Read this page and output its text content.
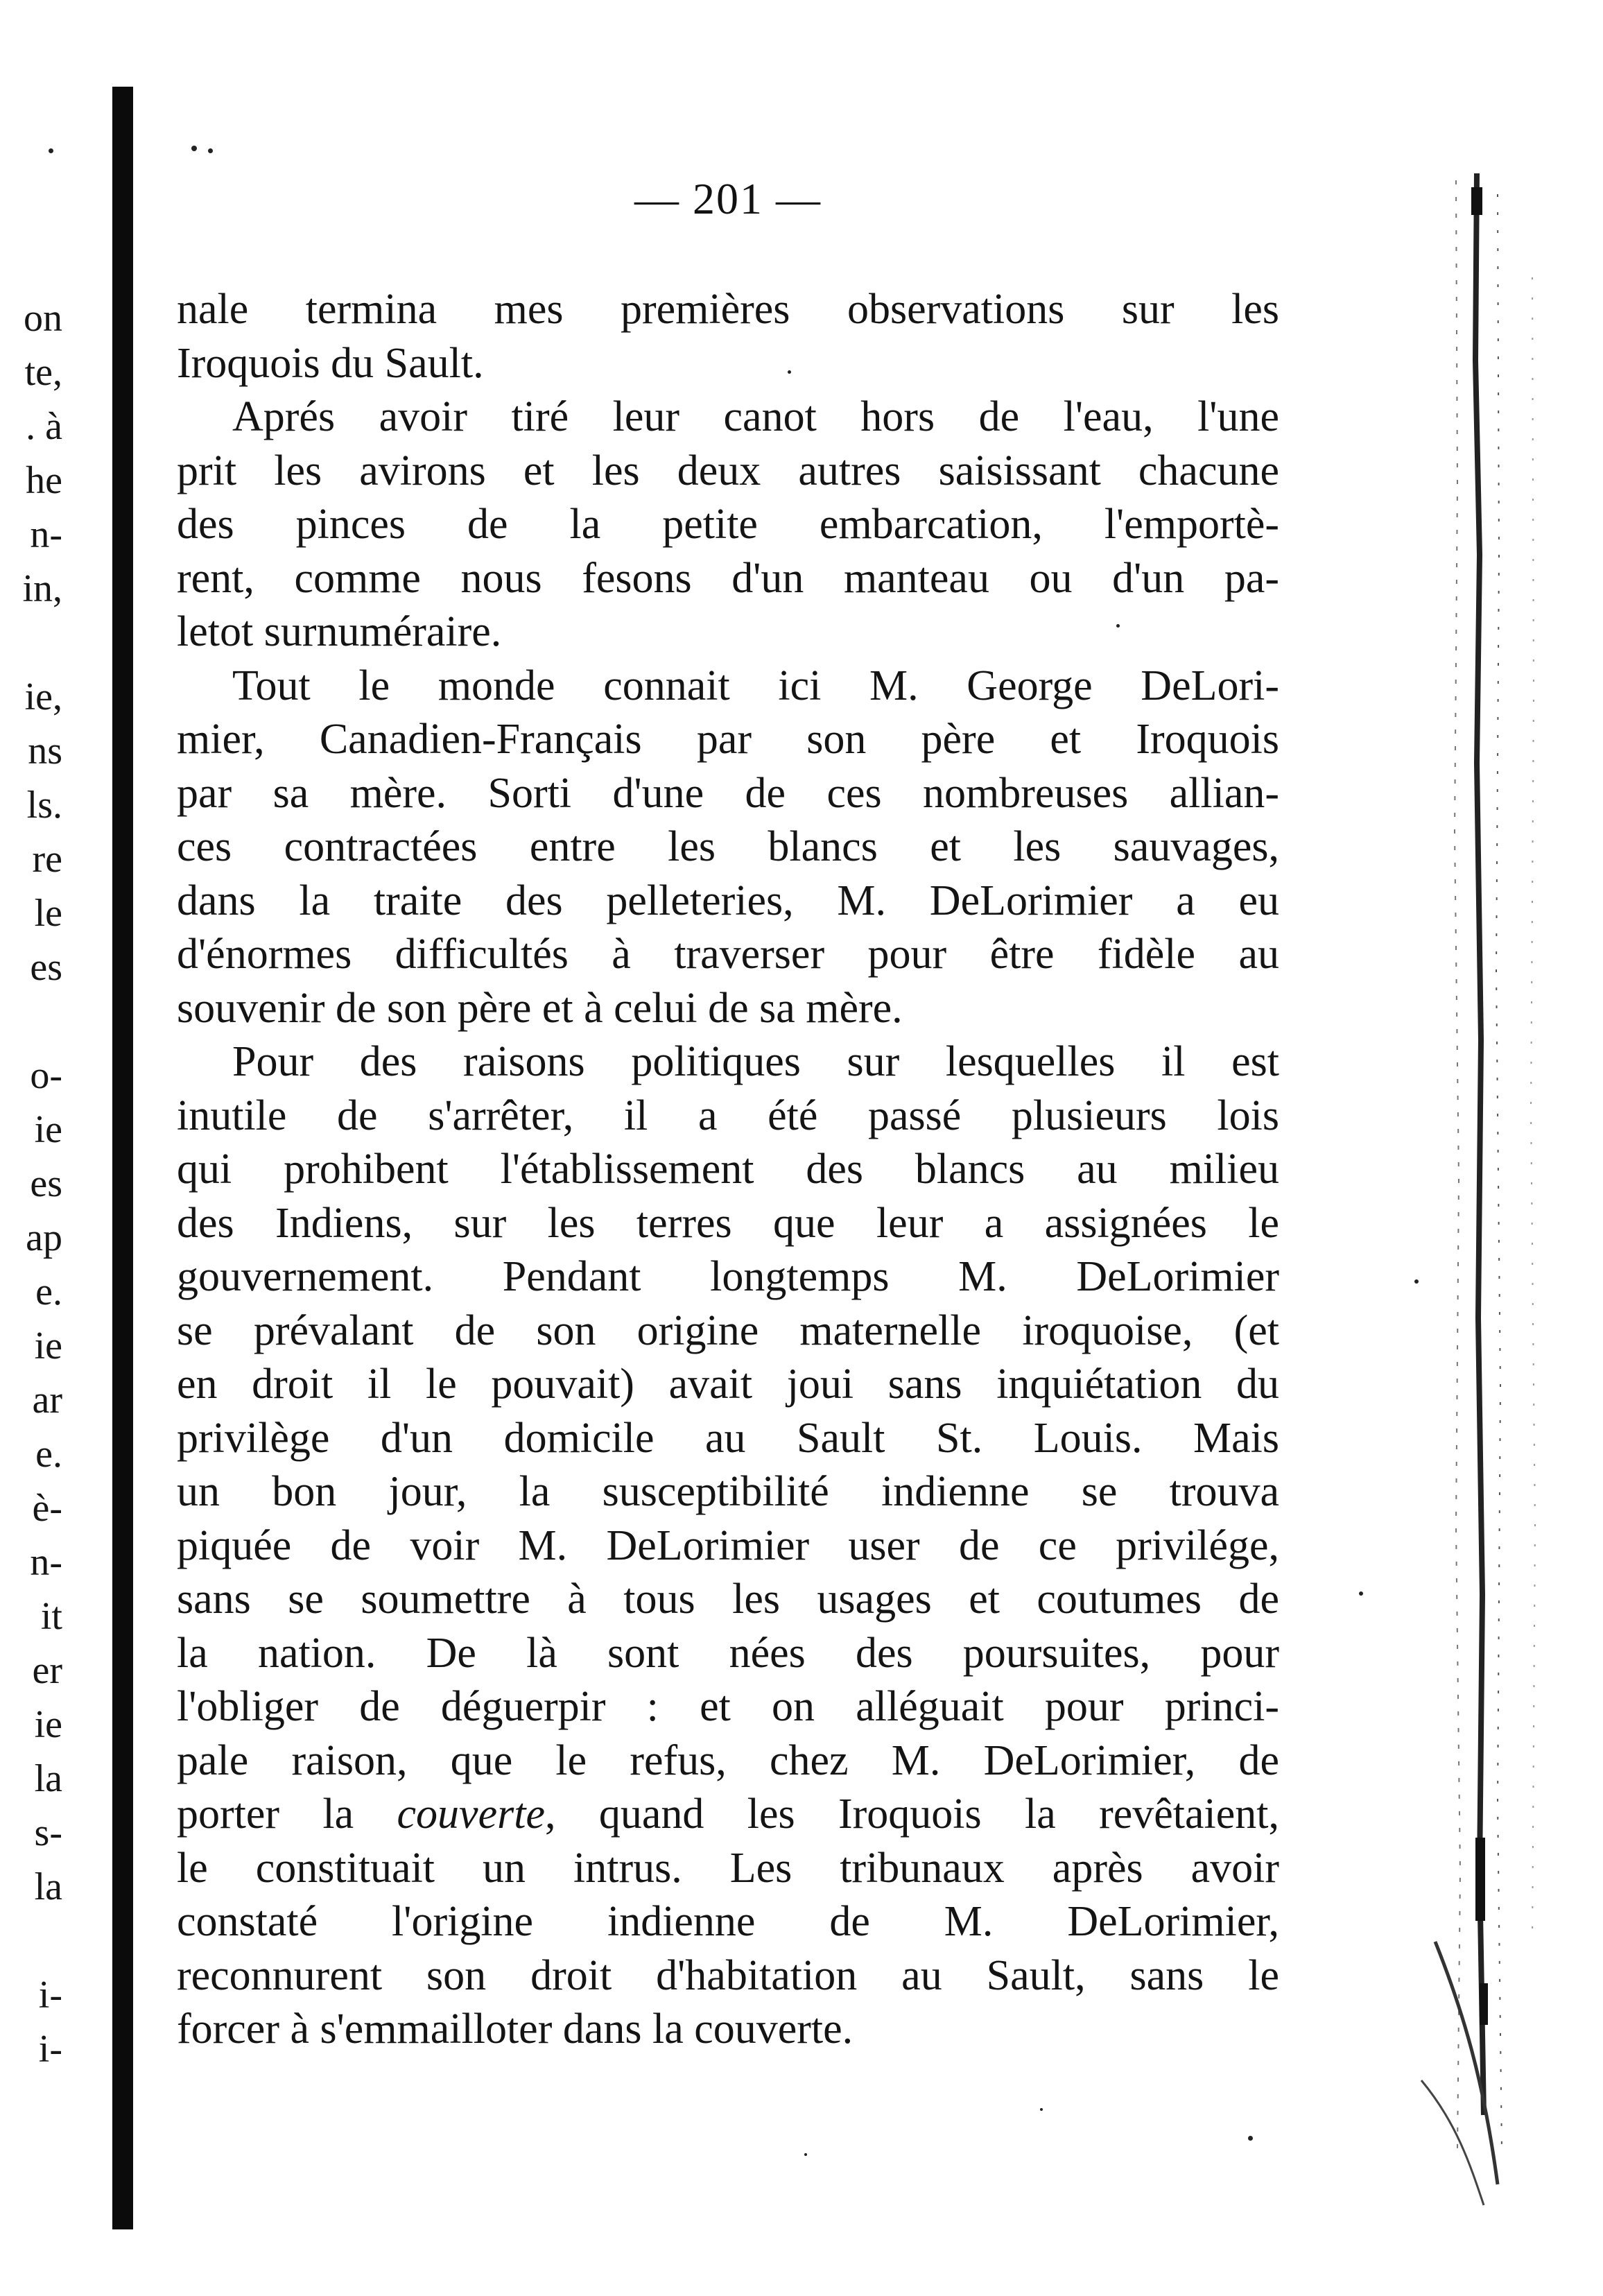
on
te,
. à
he
n-
in,
ie,
ns
ls.
re
le
es
o-
ie
es
ap
e.
ie
ar
e.
è-
n-
it
er
ie
la
s-
la
i-
i-
— 201 —
nale termina mes premières observations sur les
Iroquois du Sault.
Aprés avoir tiré leur canot hors de l'eau, l'une
prit les avirons et les deux autres saisissant chacune
des pinces de la petite embarcation, l'emportè-
rent, comme nous fesons d'un manteau ou d'un pa-
letot surnuméraire.
Tout le monde connait ici M. George DeLori-
mier, Canadien-Français par son père et Iroquois
par sa mère. Sorti d'une de ces nombreuses allian-
ces contractées entre les blancs et les sauvages,
dans la traite des pelleteries, M. DeLorimier a eu
d'énormes difficultés à traverser pour être fidèle au
souvenir de son père et à celui de sa mère.
Pour des raisons politiques sur lesquelles il est
inutile de s'arrêter, il a été passé plusieurs lois
qui prohibent l'établissement des blancs au milieu
des Indiens, sur les terres que leur a assignées le
gouvernement. Pendant longtemps M. DeLorimier
se prévalant de son origine maternelle iroquoise, (et
en droit il le pouvait) avait joui sans inquiétation du
privilège d'un domicile au Sault St. Louis. Mais
un bon jour, la susceptibilité indienne se trouva
piquée de voir M. DeLorimier user de ce privilége,
sans se soumettre à tous les usages et coutumes de
la nation. De là sont nées des poursuites, pour
l'obliger de déguerpir : et on alléguait pour princi-
pale raison, que le refus, chez M. DeLorimier, de
porter la couverte, quand les Iroquois la revêtaient,
le constituait un intrus. Les tribunaux après avoir
constaté l'origine indienne de M. DeLorimier,
reconnurent son droit d'habitation au Sault, sans le
forcer à s'emmailloter dans la couverte.
